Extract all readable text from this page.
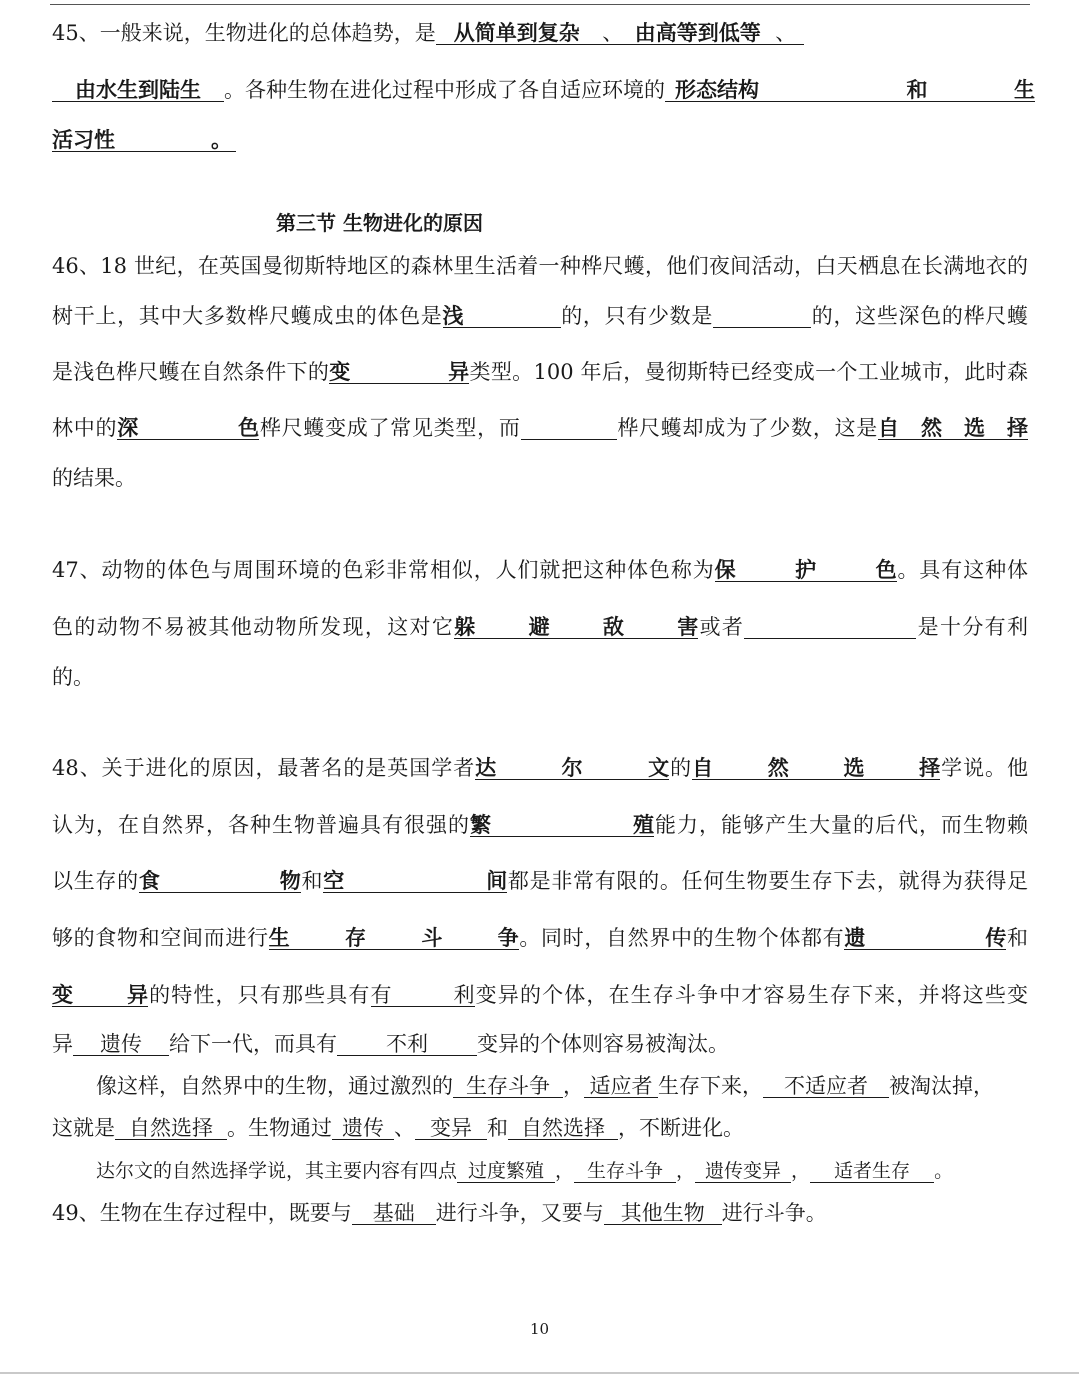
45、一般来说，生物进化的总体趋势，是 从简单到复杂 、 由高等到低等 、
由水生到陆生 。各种生物在进化过程中形成了各自适应环境的 形态结构	和	生
活习性	。
第三节 生物进化的原因
46、18 世纪，在英国曼彻斯特地区的森林里生活着一种桦尺蠖，他们夜间活动，白天栖息在长满地衣的
树干上，其中大多数桦尺蠖成虫的体色是浅	的，只有少数是	的，这些深色的桦尺蠖
是浅色桦尺蠖在自然条件下的变异类型。100 年后，曼彻斯特已经变成一个工业城市，此时森
林中的深色桦尺蠖变成了常见类型，而	桦尺蠖却成为了少数，这是自然选择
的结果。
47、动物的体色与周围环境的色彩非常相似，人们就把这种体色称为保护色。具有这种体
色的动物不易被其他动物所发现，这对它躲避敌害或者	是十分有利
的。
48、关于进化的原因，最著名的是英国学者达尔文的自然选择学说。他
认为，在自然界，各种生物普遍具有很强的繁殖能力，能够产生大量的后代，而生物赖
以生存的食物和空间都是非常有限的。任何生物要生存下去，就得为获得足
够的食物和空间而进行生存斗争。同时，自然界中的生物个体都有遗传和
变异的特性，只有那些具有有利变异的个体，在生存斗争中才容易生存下来，并将这些变
异 遗传 给下一代，而具有 不利 变异的个体则容易被淘汰。
像这样，自然界中的生物，通过激烈的 生存斗争 ， 适应者 生存下来， 不适应者 被淘汰掉，
这就是 自然选择 。生物通过 遗传 、 变异 和 自然选择 ，不断进化。
达尔文的自然选择学说，其主要内容有四点 过度繁殖 ， 生存斗争 ， 遗传变异 ， 适者生存 。
49、生物在生存过程中，既要与 基础 进行斗争，又要与 其他生物 进行斗争。
10
